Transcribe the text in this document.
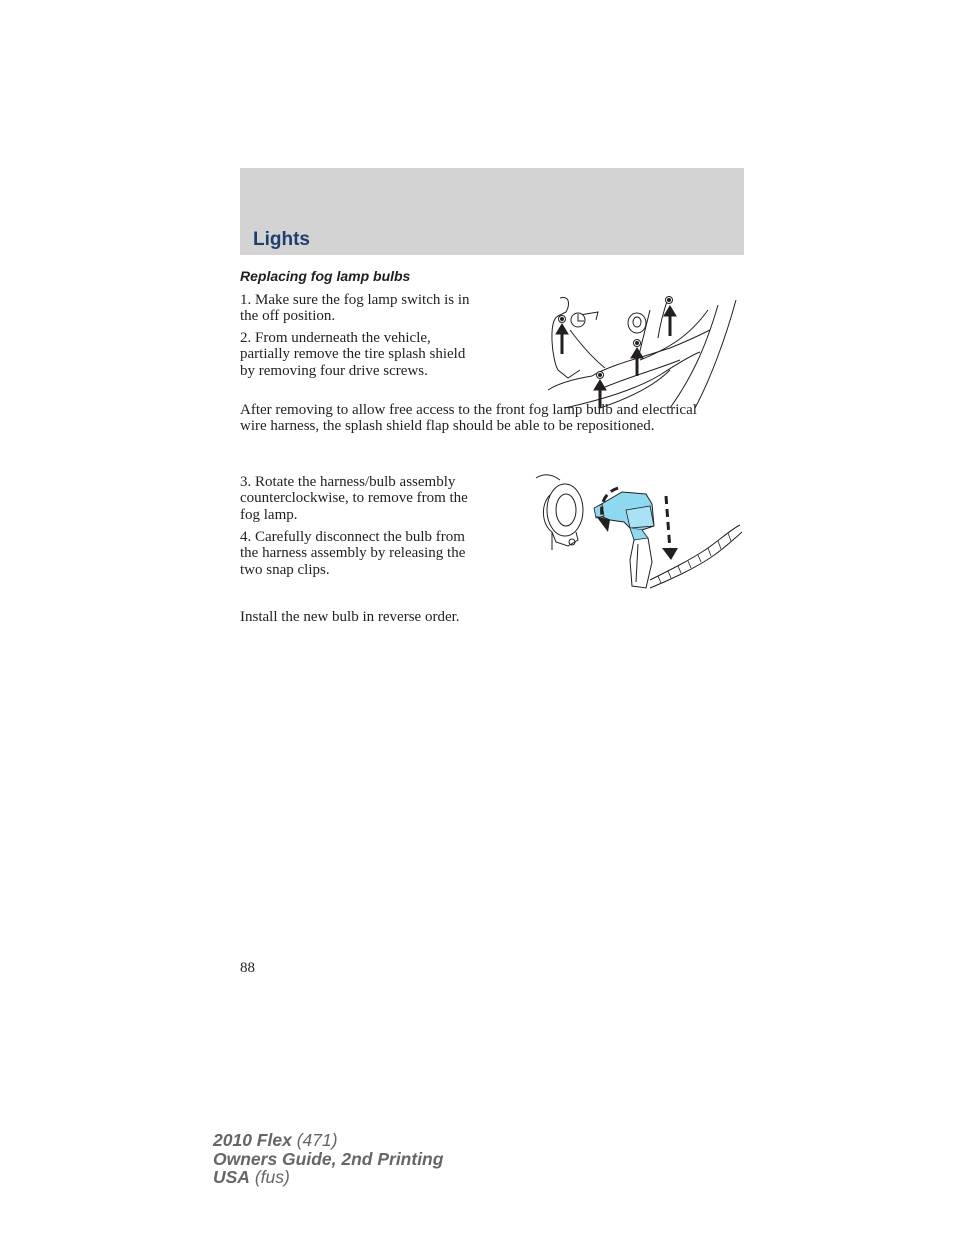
Lights
Replacing fog lamp bulbs

1. Make sure the fog lamp switch is in the off position.

2. From underneath the vehicle, partially remove the tire splash shield by removing four drive screws.

After removing to allow free access to the front fog lamp bulb and electrical wire harness, the splash shield flap should be able to be repositioned.

3. Rotate the harness/bulb assembly counterclockwise, to remove from the fog lamp.

4. Carefully disconnect the bulb from the harness assembly by releasing the two snap clips.

Install the new bulb in reverse order.

88

2010 Flex (471)
Owners Guide, 2nd Printing
USA (fus)
